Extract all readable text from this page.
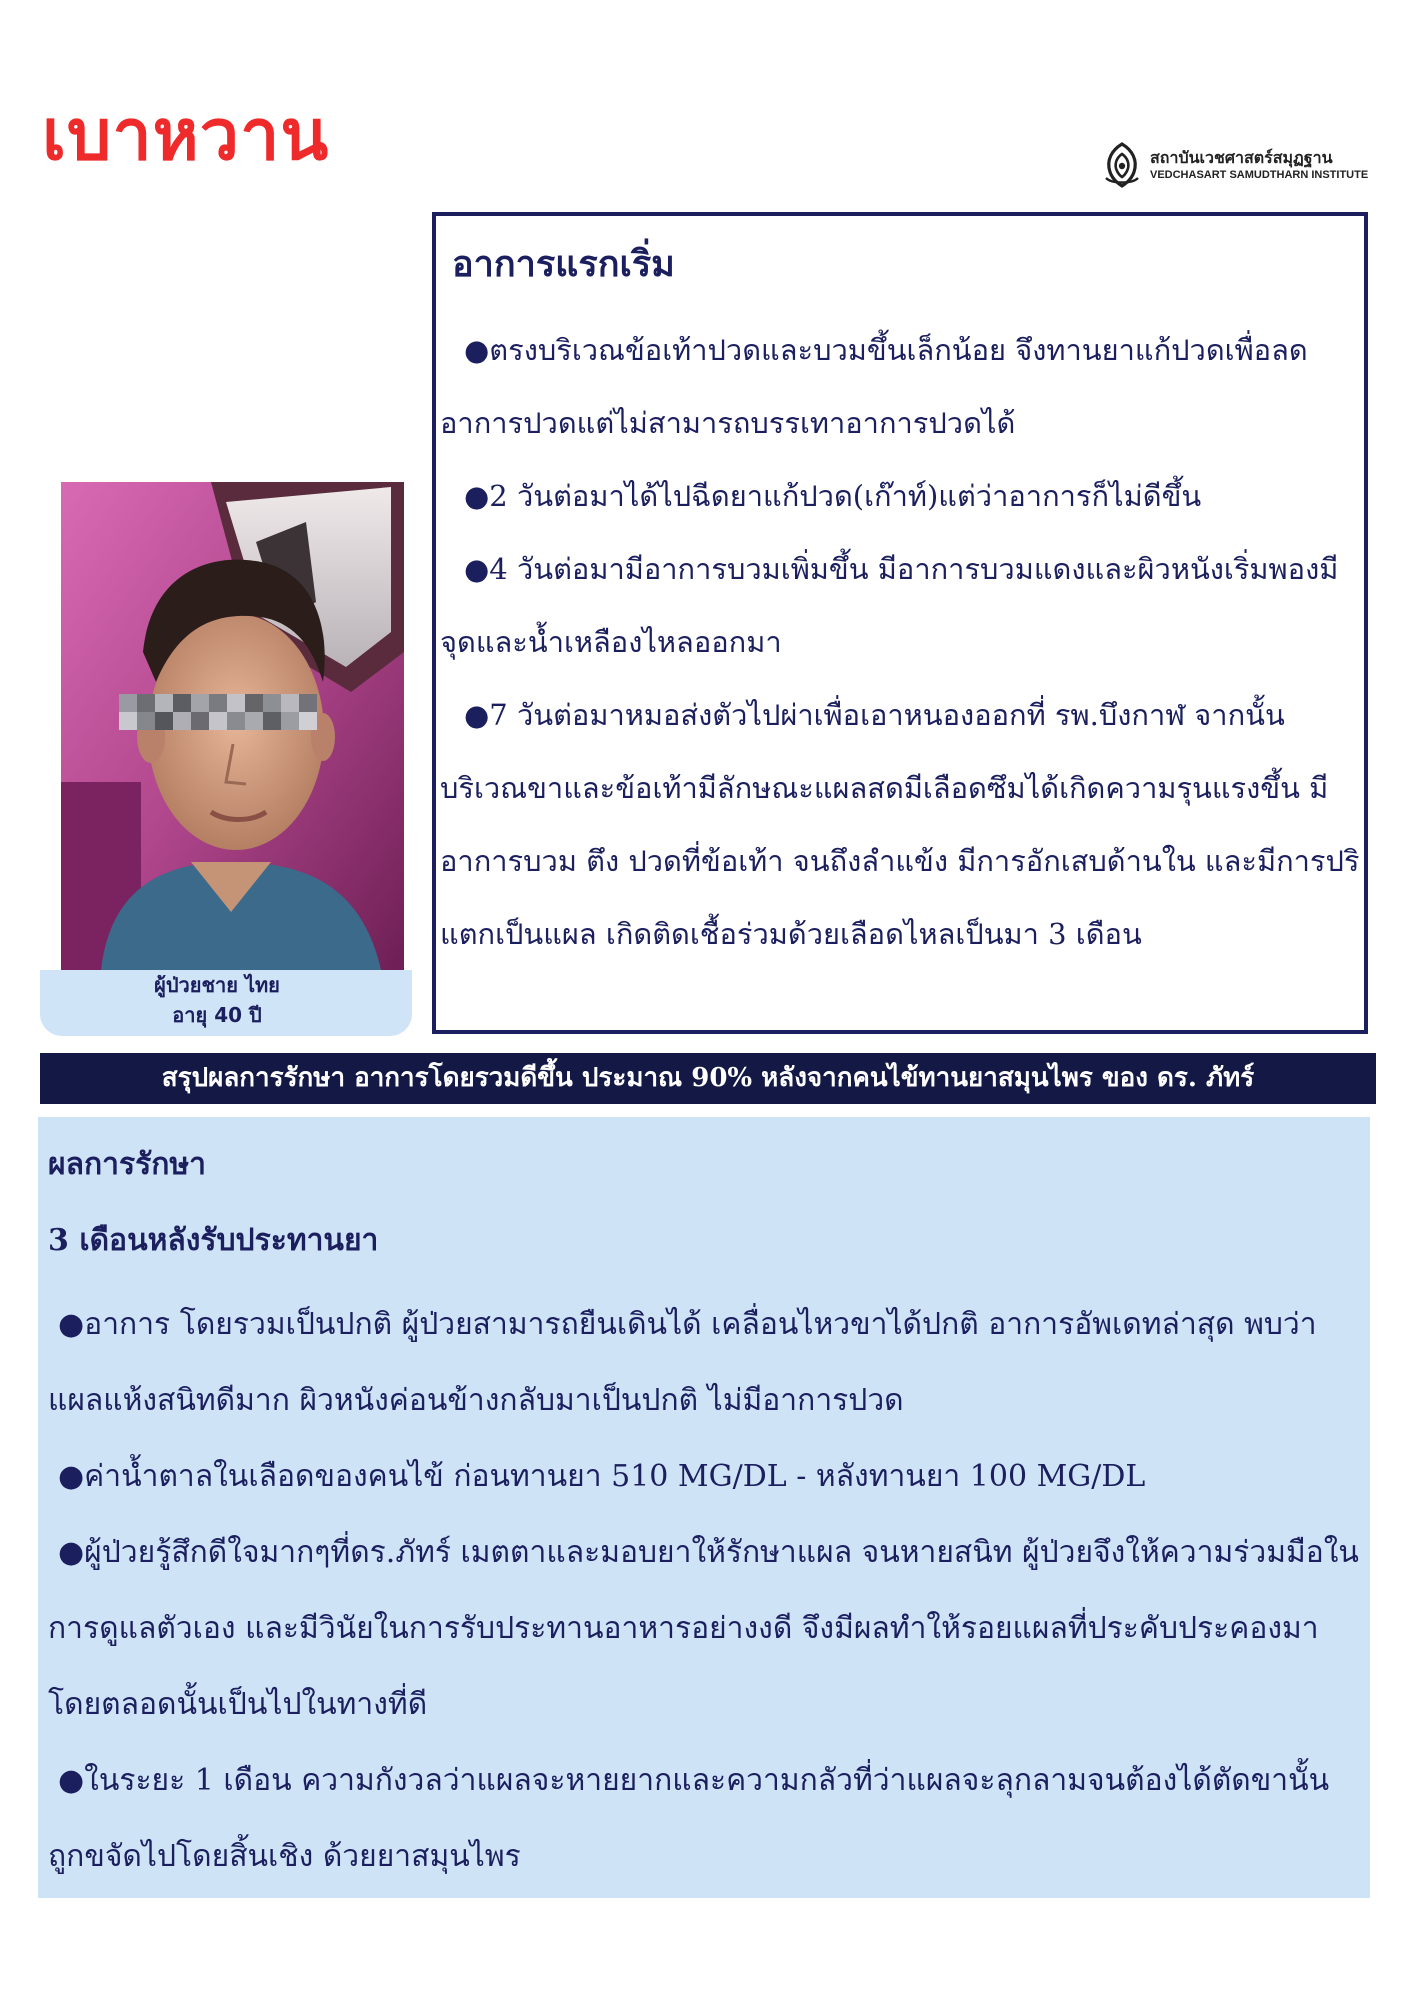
เบาหวาน	สถาบันเวชศาสตร์สมุฏฐาน
VEDCHASART SAMUDTHARN INSTITUTE
อาการแรกเริ่ม

●ตรงบริเวณข้อเท้าปวดและบวมขึ้นเล็กน้อย จึงทานยาแก้ปวดเพื่อลดอาการปวดแต่ไม่สามารถบรรเทาอาการปวดได้

●2 วันต่อมาได้ไปฉีดยาแก้ปวด(เก๊าท์)แต่ว่าอาการก็ไม่ดีขึ้น

●4 วันต่อมามีอาการบวมเพิ่มขึ้น มีอาการบวมแดงและผิวหนังเริ่มพองมีจุดและน้ำเหลืองไหลออกมา

●7 วันต่อมาหมอส่งตัวไปผ่าเพื่อเอาหนองออกที่ รพ.บึงกาฬ จากนั้นบริเวณขาและข้อเท้ามีลักษณะแผลสดมีเลือดซึมได้เกิดความรุนแรงขึ้น มีอาการบวม ตึง ปวดที่ข้อเท้า จนถึงลำแข้ง มีการอักเสบด้านใน และมีการปริแตกเป็นแผล เกิดติดเชื้อร่วมด้วยเลือดไหลเป็นมา 3 เดือน

ผู้ป่วยชาย ไทย
อายุ 40 ปี
สรุปผลการรักษา อาการโดยรวมดีขึ้น ประมาณ 90% หลังจากคนไข้ทานยาสมุนไพร ของ ดร. ภัทร์
ผลการรักษา
3 เดือนหลังรับประทานยา

●อาการ โดยรวมเป็นปกติ ผู้ป่วยสามารถยืนเดินได้ เคลื่อนไหวขาได้ปกติ อาการอัพเดทล่าสุด พบว่าแผลแห้งสนิทดีมาก ผิวหนังค่อนข้างกลับมาเป็นปกติ ไม่มีอาการปวด

●ค่าน้ำตาลในเลือดของคนไข้ ก่อนทานยา 510 MG/DL - หลังทานยา 100 MG/DL

●ผู้ป่วยรู้สึกดีใจมากๆที่ดร.ภัทร์ เมตตาและมอบยาให้รักษาแผล จนหายสนิท ผู้ป่วยจึงให้ความร่วมมือในการดูแลตัวเอง และมีวินัยในการรับประทานอาหารอย่างงดี จึงมีผลทำให้รอยแผลที่ประคับประคองมาโดยตลอดนั้นเป็นไปในทางที่ดี

●ในระยะ 1 เดือน ความกังวลว่าแผลจะหายยากและความกลัวที่ว่าแผลจะลุกลามจนต้องได้ตัดขานั้นถูกขจัดไปโดยสิ้นเชิง ด้วยยาสมุนไพร
